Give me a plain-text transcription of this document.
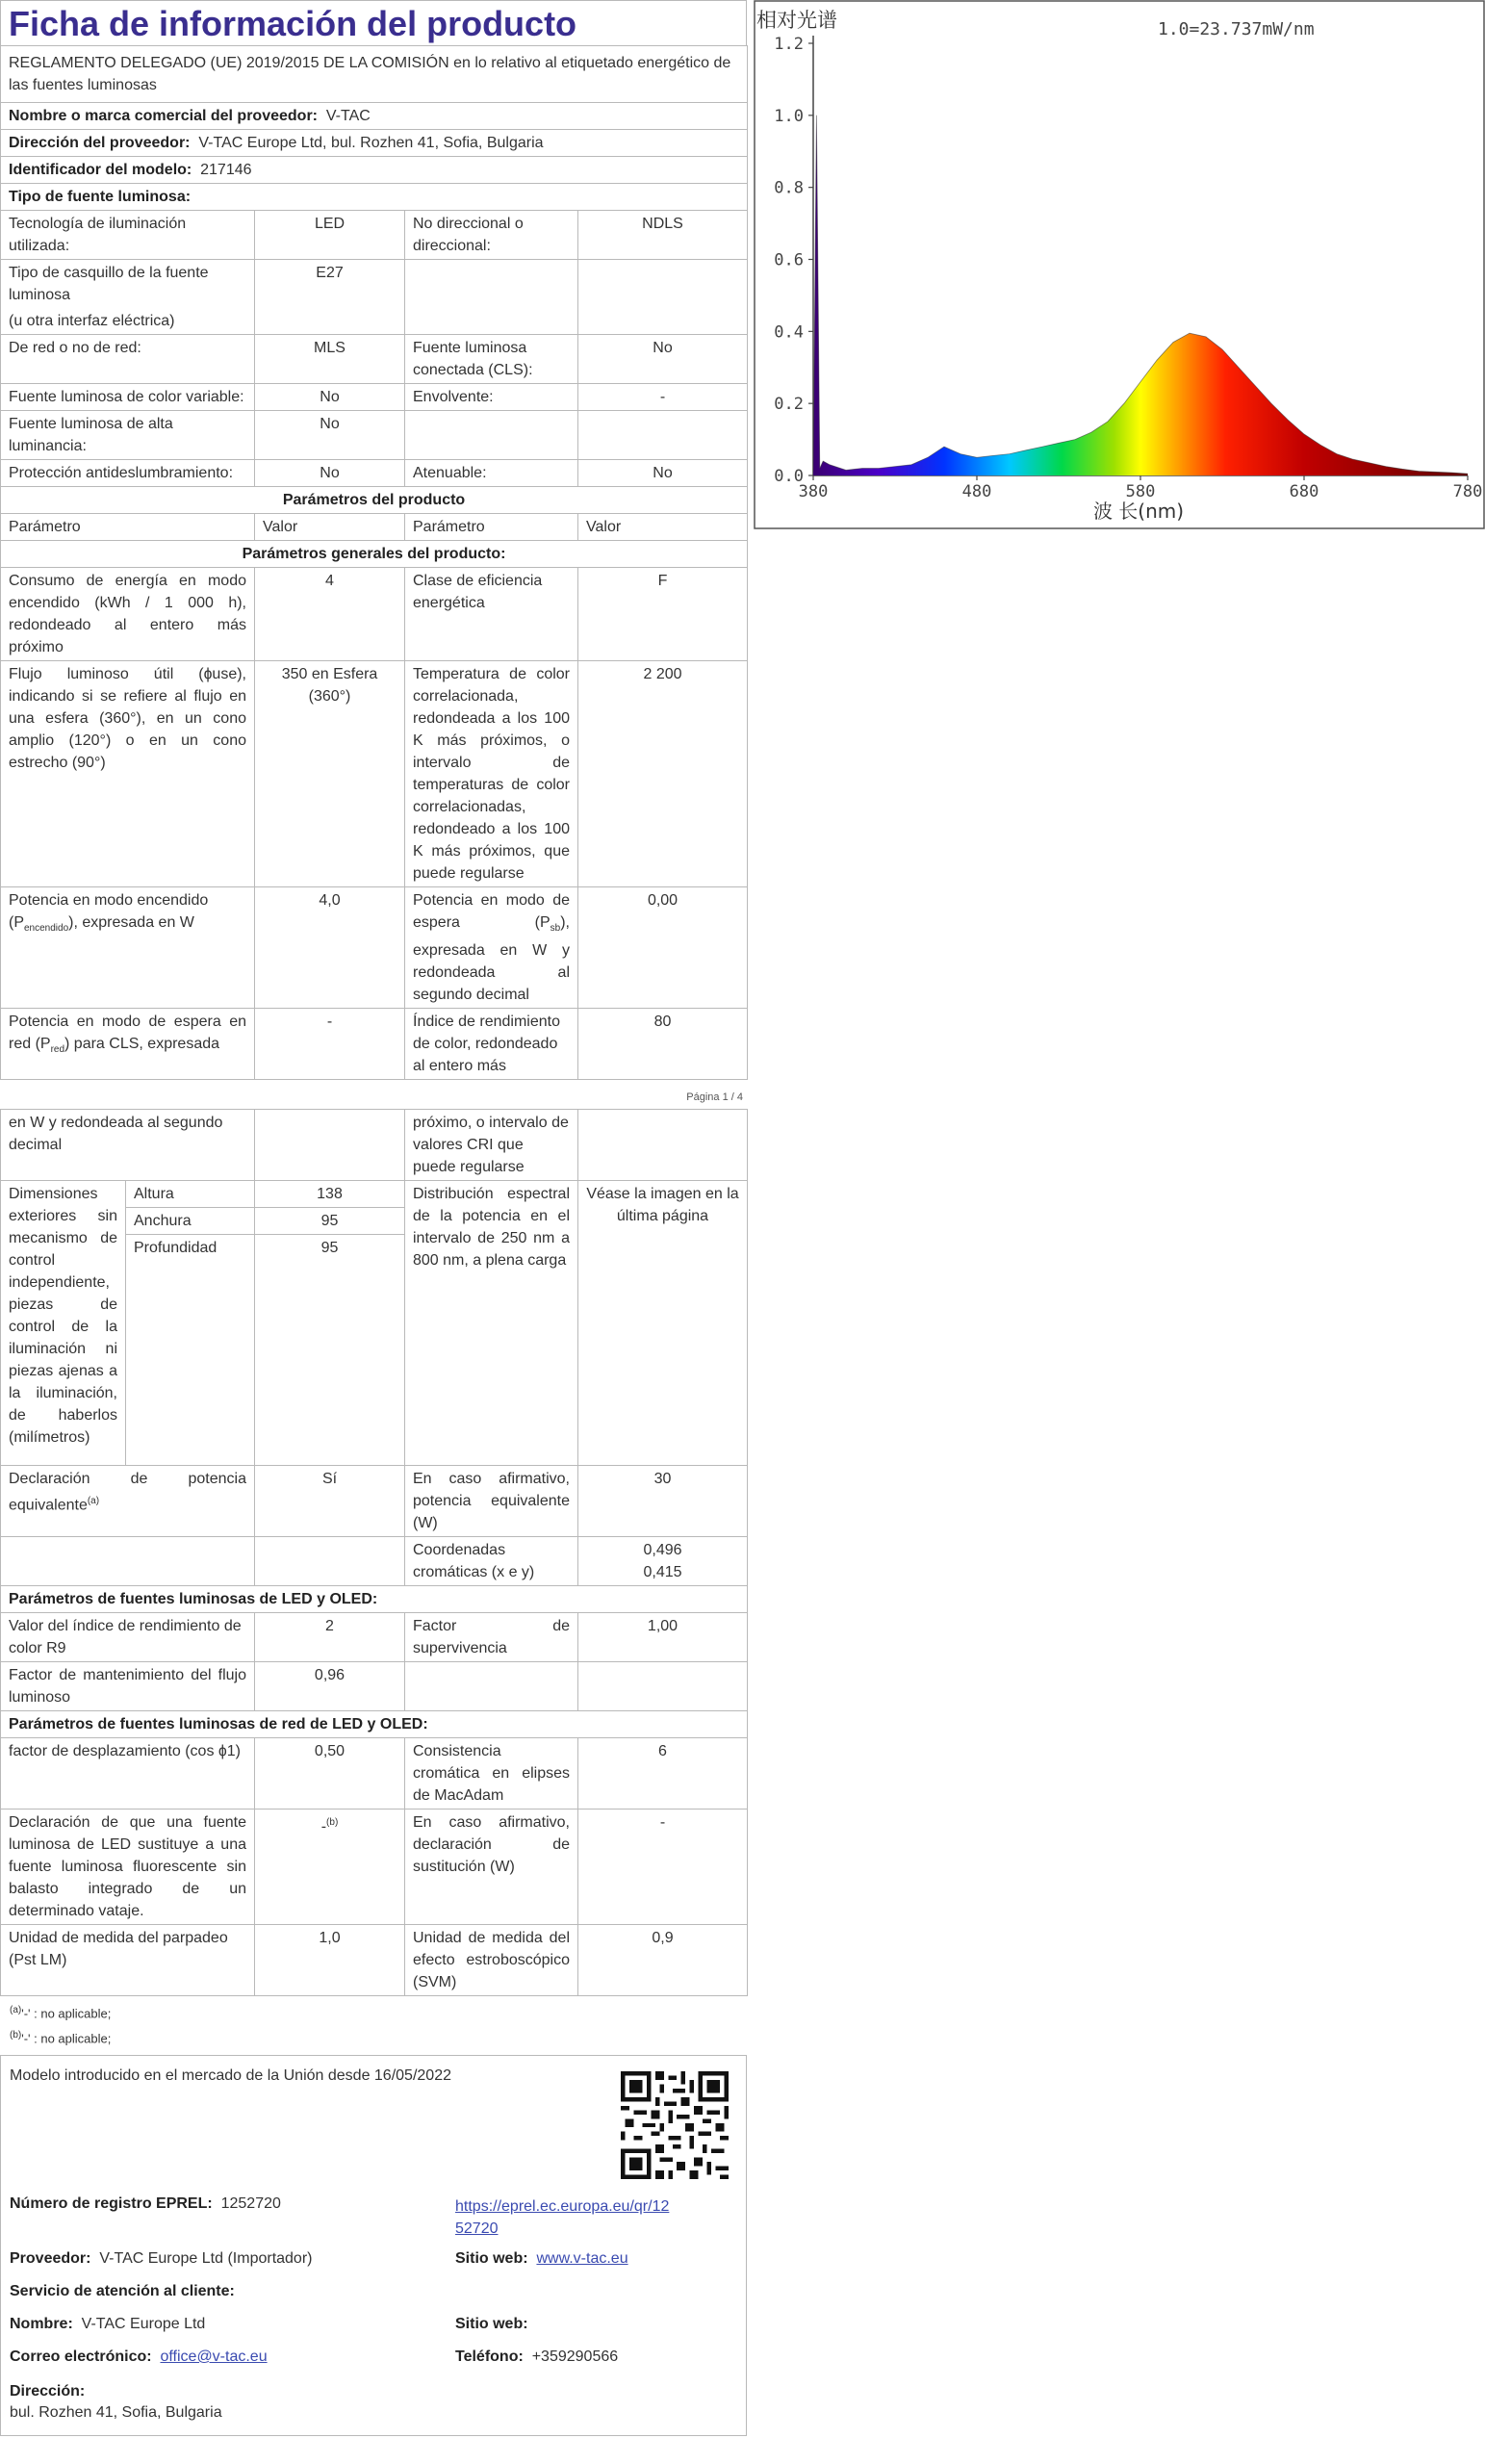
Ficha de información del producto
REGLAMENTO DELEGADO (UE) 2019/2015 DE LA COMISIÓN en lo relativo al etiquetado energético de las fuentes luminosas			
Nombre o marca comercial del proveedor: V-TAC			
Dirección del proveedor: V-TAC Europe Ltd, bul. Rozhen 41, Sofia, Bulgaria			
Identificador del modelo: 217146			
Tipo de fuente luminosa:			
Tecnología de iluminación utilizada:	LED	No direccional o direccional:	NDLS

Tipo de casquillo de la fuente luminosa
(u otra interfaz eléctrica)	E27		
De red o no de red:	MLS	Fuente luminosa conectada (CLS):	No
Fuente luminosa de color variable:	No	Envolvente:	-
Fuente luminosa de alta luminancia:	No		
Protección antideslumbramiento:	No	Atenuable:	No
Parámetros del producto			
Parámetro	Valor	Parámetro	Valor
Parámetros generales del producto:			
Consumo de energía en modo encendido (kWh / 1 000 h), redondeado al entero más próximo	4	Clase de eficiencia energética	F
Flujo luminoso útil (ɸuse), indicando si se refiere al flujo en una esfera (360°), en un cono amplio (120°) o en un cono estrecho (90°)	350 en Esfera (360°)	Temperatura de color correlacionada, redondeada a los 100 K más próximos, o intervalo de temperaturas de color correlacionadas, redondeado a los 100 K más próximos, que puede regularse	2 200
Potencia en modo encendido $(P_{encendido})$, expresada en W	4,0	Potencia en modo de espera $(P_{sb})$, expresada en W y redondeada al segundo decimal	0,00
Potencia en modo de espera en red $(P_{red})$ para CLS, expresada	-	Índice de rendimiento de color, redondeado al entero más	80
Página 1 / 4
en W y redondeada al segundo decimal			próximo, o intervalo de valores CRI que puede regularse	
Dimensiones exteriores sin mecanismo de control independiente, piezas de control de la iluminación ni piezas ajenas a la iluminación, de haberlos (milímetros)	Altura	138	Distribución espectral de la potencia en el intervalo de 250 nm a 800 nm, a plena carga	Véase la imagen en la última página
	Anchura	95		
	Profundidad	95		
Declaración de potencia equivalente$^{(a)}$		Sí	En caso afirmativo, potencia equivalente (W)	30
			Coordenadas cromáticas (x e y)	0,496
0,415

Parámetros de fuentes luminosas de LED y OLED:				
Valor del índice de rendimiento de color R9		2	Factor de supervivencia	1,00
Factor de mantenimiento del flujo luminoso		0,96		
Parámetros de fuentes luminosas de red de LED y OLED:				
factor de desplazamiento (cos ɸ1)		0,50	Consistencia cromática en elipses de MacAdam	6
Declaración de que una fuente luminosa de LED sustituye a una fuente luminosa fluorescente sin balasto integrado de un determinado vataje.		-$^{(b)}$	En caso afirmativo, declaración de sustitución (W)	-
Unidad de medida del parpadeo (Pst LM)		1,0	Unidad de medida del efecto estroboscópico (SVM)	0,9
$^{(a)}$'-' : no aplicable;
$^{(b)}$'-' : no aplicable;
Modelo introducido en el mercado de la Unión desde 16/05/2022
Número de registro EPREL: 1252720	https://eprel.ec.europa.eu/qr/12
52720
Proveedor: V-TAC Europe Ltd (Importador)	Sitio web: www.v-tac.eu
Servicio de atención al cliente:
Nombre: V-TAC Europe Ltd	Sitio web:
Correo electrónico: office@v-tac.eu	Teléfono: +359290566
Dirección:
bul. Rozhen 41, Sofia, Bulgaria
相对光谱	1.0=23.737mW/nm
0.0
0.2
0.4
0.6
0.8
1.0
1.2
380	480	580	680	780
波 长(nm)
